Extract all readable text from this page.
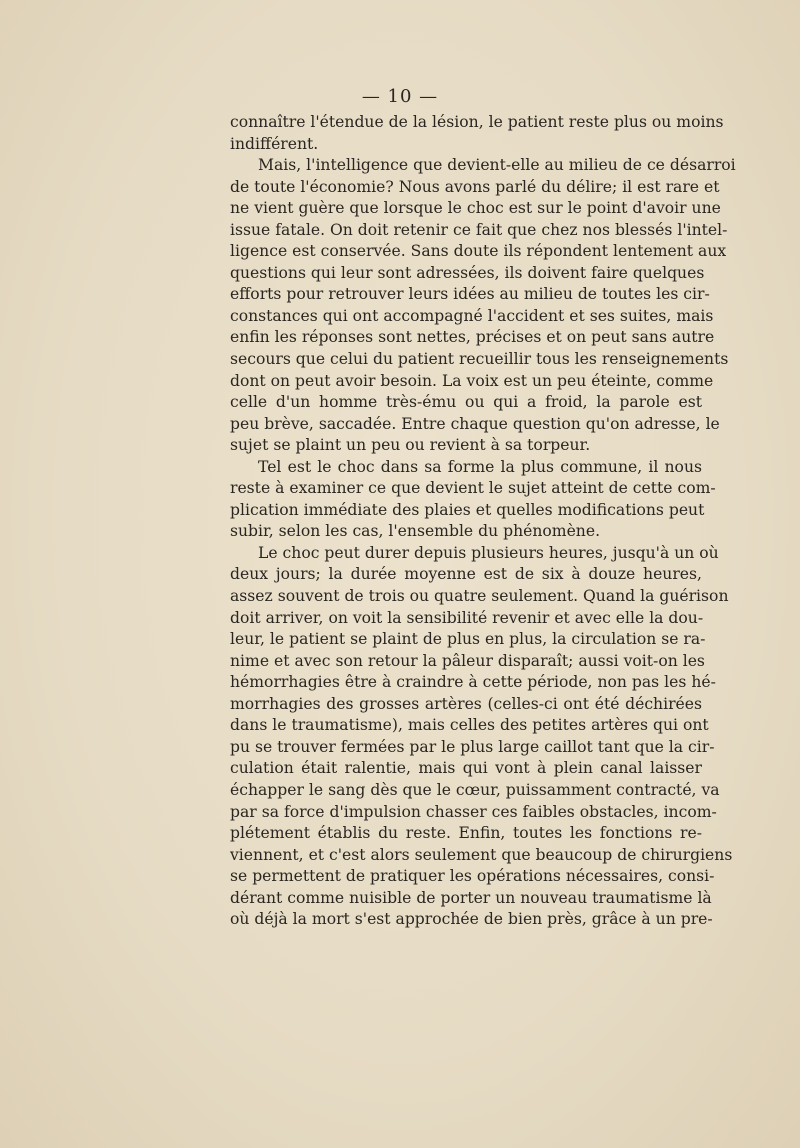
— 10 —
connaître l'étendue de la lésion, le patient reste plus ou moins
indifférent.
Mais, l'intelligence que devient-elle au milieu de ce désarroi
de toute l'économie? Nous avons parlé du délire; il est rare et
ne vient guère que lorsque le choc est sur le point d'avoir une
issue fatale. On doit retenir ce fait que chez nos blessés l'intel-
ligence est conservée. Sans doute ils répondent lentement aux
questions qui leur sont adressées, ils doivent faire quelques
efforts pour retrouver leurs idées au milieu de toutes les cir-
constances qui ont accompagné l'accident et ses suites, mais
enfin les réponses sont nettes, précises et on peut sans autre
secours que celui du patient recueillir tous les renseignements
dont on peut avoir besoin. La voix est un peu éteinte, comme
celle d'un homme très-ému ou qui a froid, la parole est
peu brève, saccadée. Entre chaque question qu'on adresse, le
sujet se plaint un peu ou revient à sa torpeur.
Tel est le choc dans sa forme la plus commune, il nous
reste à examiner ce que devient le sujet atteint de cette com-
plication immédiate des plaies et quelles modifications peut
subir, selon les cas, l'ensemble du phénomène.
Le choc peut durer depuis plusieurs heures, jusqu'à un où
deux jours; la durée moyenne est de six à douze heures,
assez souvent de trois ou quatre seulement. Quand la guérison
doit arriver, on voit la sensibilité revenir et avec elle la dou-
leur, le patient se plaint de plus en plus, la circulation se ra-
nime et avec son retour la pâleur disparaît; aussi voit-on les
hémorrhagies être à craindre à cette période, non pas les hé-
morrhagies des grosses artères (celles-ci ont été déchirées
dans le traumatisme), mais celles des petites artères qui ont
pu se trouver fermées par le plus large caillot tant que la cir-
culation était ralentie, mais qui vont à plein canal laisser
échapper le sang dès que le cœur, puissamment contracté, va
par sa force d'impulsion chasser ces faibles obstacles, incom-
plétement établis du reste. Enfin, toutes les fonctions re-
viennent, et c'est alors seulement que beaucoup de chirurgiens
se permettent de pratiquer les opérations nécessaires, consi-
dérant comme nuisible de porter un nouveau traumatisme là
où déjà la mort s'est approchée de bien près, grâce à un pre-
